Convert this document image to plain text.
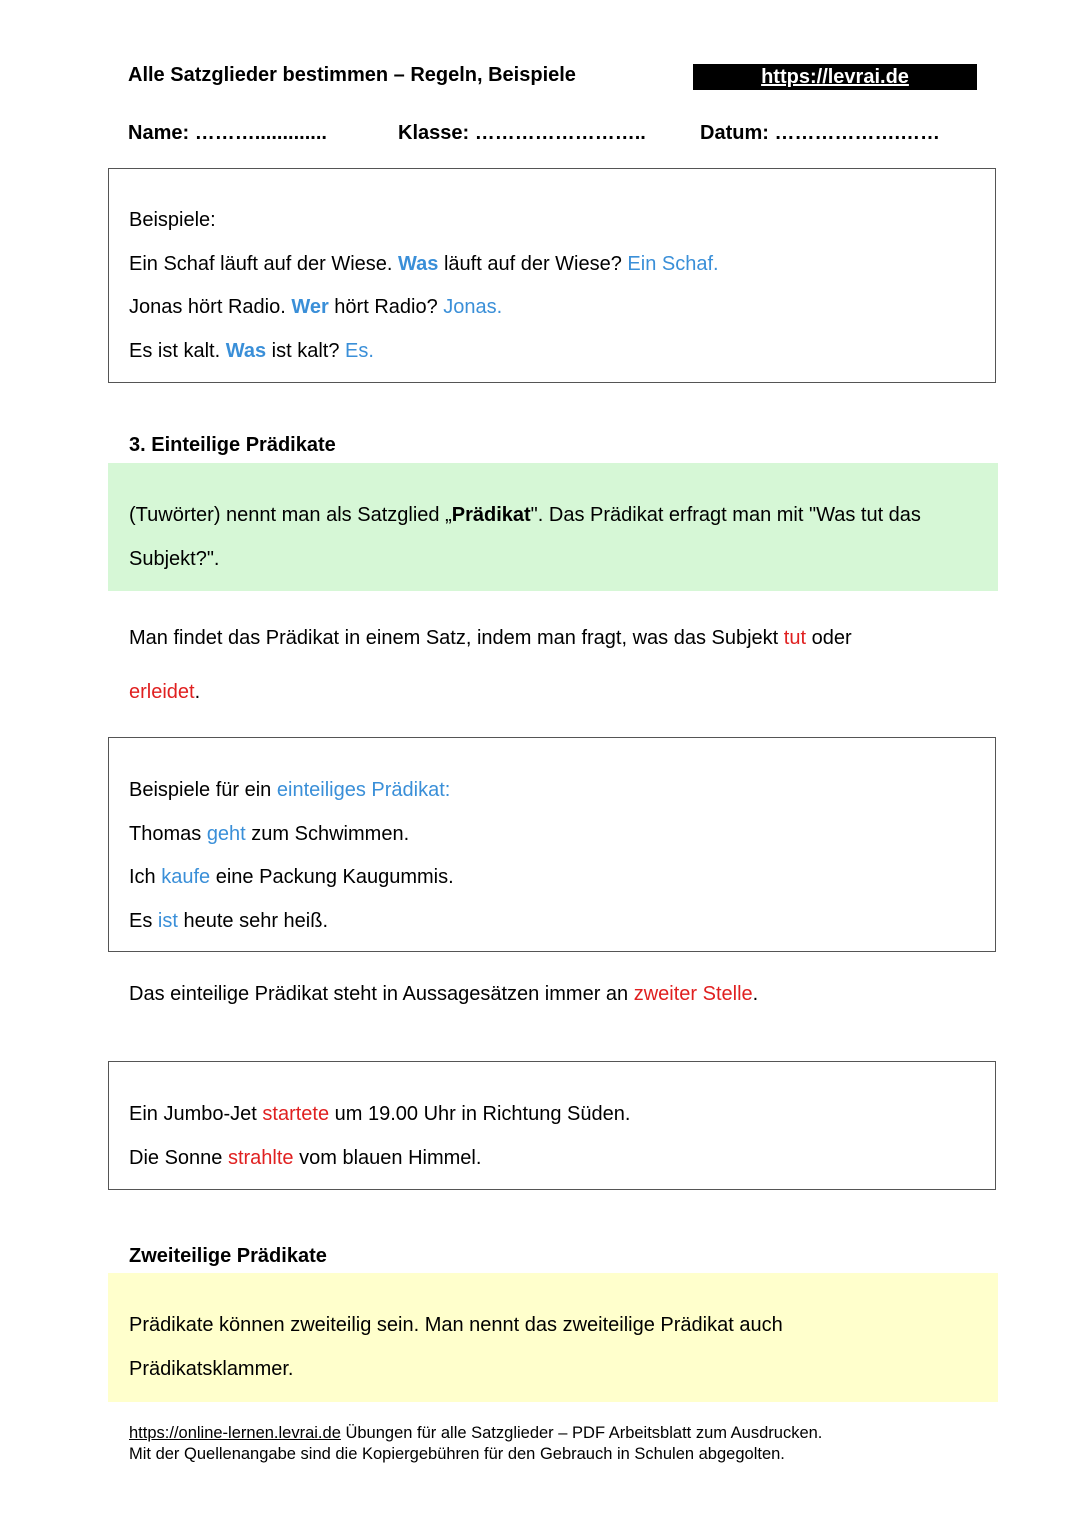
Alle Satzglieder bestimmen – Regeln, Beispiele	https://levrai.de
Name: ……….............	Klasse: ……………………..	Datum: ……………….……
Beispiele:
Ein Schaf läuft auf der Wiese. Was läuft auf der Wiese? Ein Schaf.
Jonas hört Radio. Wer hört Radio? Jonas.
Es ist kalt. Was ist kalt? Es.
3. Einteilige Prädikate
(Tuwörter) nennt man als Satzglied „Prädikat". Das Prädikat erfragt man mit "Was tut das Subjekt?".
Man findet das Prädikat in einem Satz, indem man fragt, was das Subjekt tut oder
erleidet.
Beispiele für ein einteiliges Prädikat:
Thomas geht zum Schwimmen.
Ich kaufe eine Packung Kaugummis.
Es ist heute sehr heiß.
Das einteilige Prädikat steht in Aussagesätzen immer an zweiter Stelle.
Ein Jumbo-Jet startete um 19.00 Uhr in Richtung Süden.
Die Sonne strahlte vom blauen Himmel.
Zweiteilige Prädikate
Prädikate können zweiteilig sein. Man nennt das zweiteilige Prädikat auch Prädikatsklammer.
https://online-lernen.levrai.de Übungen für alle Satzglieder – PDF Arbeitsblatt zum Ausdrucken.
Mit der Quellenangabe sind die Kopiergebühren für den Gebrauch in Schulen abgegolten.
